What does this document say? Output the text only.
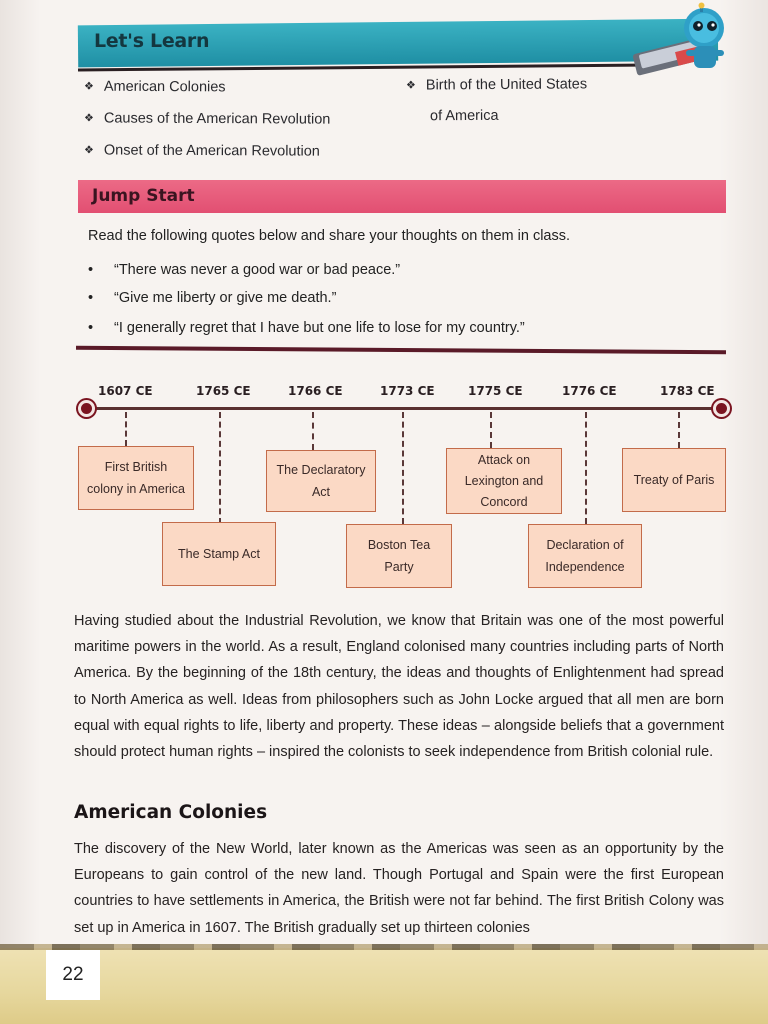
Let's Learn
❖ American Colonies
❖ Causes of the American Revolution
❖ Onset of the American Revolution
❖ Birth of the United States
of America
Jump Start
Read the following quotes below and share your thoughts on them in class.
• “There was never a good war or bad peace.”
• “Give me liberty or give me death.”
• “I generally regret that I have but one life to lose for my country.”
1607 CE	1765 CE	1766 CE	1773 CE	1775 CE	1776 CE	1783 CE
First British
colony in America
The Stamp Act
The Declaratory
Act
Boston Tea
Party
Attack on
Lexington and
Concord
Declaration of
Independence
Treaty of Paris
Having studied about the Industrial Revolution, we know that Britain was one of the most powerful maritime powers in the world. As a result, England colonised many countries including parts of North America. By the beginning of the 18th century, the ideas and thoughts of Enlightenment had spread to North America as well. Ideas from philosophers such as John Locke argued that all men are born equal with equal rights to life, liberty and property. These ideas – alongside beliefs that a government should protect human rights – inspired the colonists to seek independence from British colonial rule.
American Colonies
The discovery of the New World, later known as the Americas was seen as an opportunity by the Europeans to gain control of the new land. Though Portugal and Spain were the first European countries to have settlements in America, the British were not far behind. The first British Colony was set up in America in 1607. The British gradually set up thirteen colonies
22
